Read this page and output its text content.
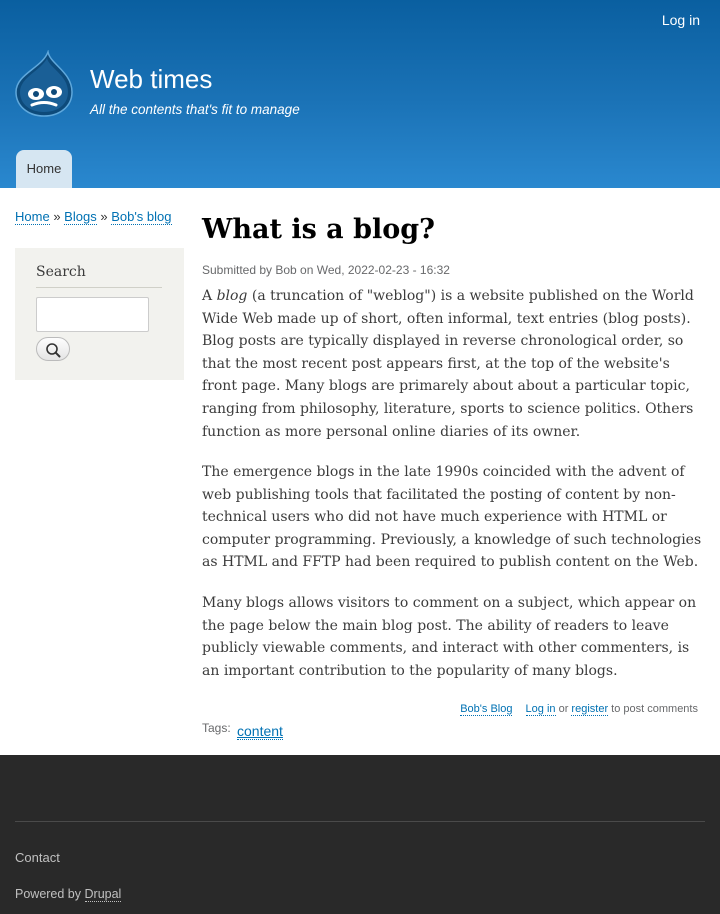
Log in
Web times
All the contents that's fit to manage
Home
Home » Blogs » Bob's blog
Search
What is a blog?
Submitted by Bob on Wed, 2022-02-23 - 16:32

A blog (a truncation of "weblog") is a website published on the World Wide Web made up of short, often informal, text entries (blog posts). Blog posts are typically displayed in reverse chronological order, so that the most recent post appears first, at the top of the website's front page. Many blogs are primarely about about a particular topic, ranging from philosophy, literature, sports to science politics. Others function as more personal online diaries of its owner.

The emergence blogs in the late 1990s coincided with the advent of web publishing tools that facilitated the posting of content by non-technical users who did not have much experience with HTML or computer programming. Previously, a knowledge of such technologies as HTML and FFTP had been required to publish content on the Web.

Many blogs allows visitors to comment on a subject, which appear on the page below the main blog post. The ability of readers to leave publicly viewable comments, and interact with other commenters, is an important contribution to the popularity of many blogs.

Bob's Blog Log in or register to post comments
Tags: content
Contact
Powered by Drupal
